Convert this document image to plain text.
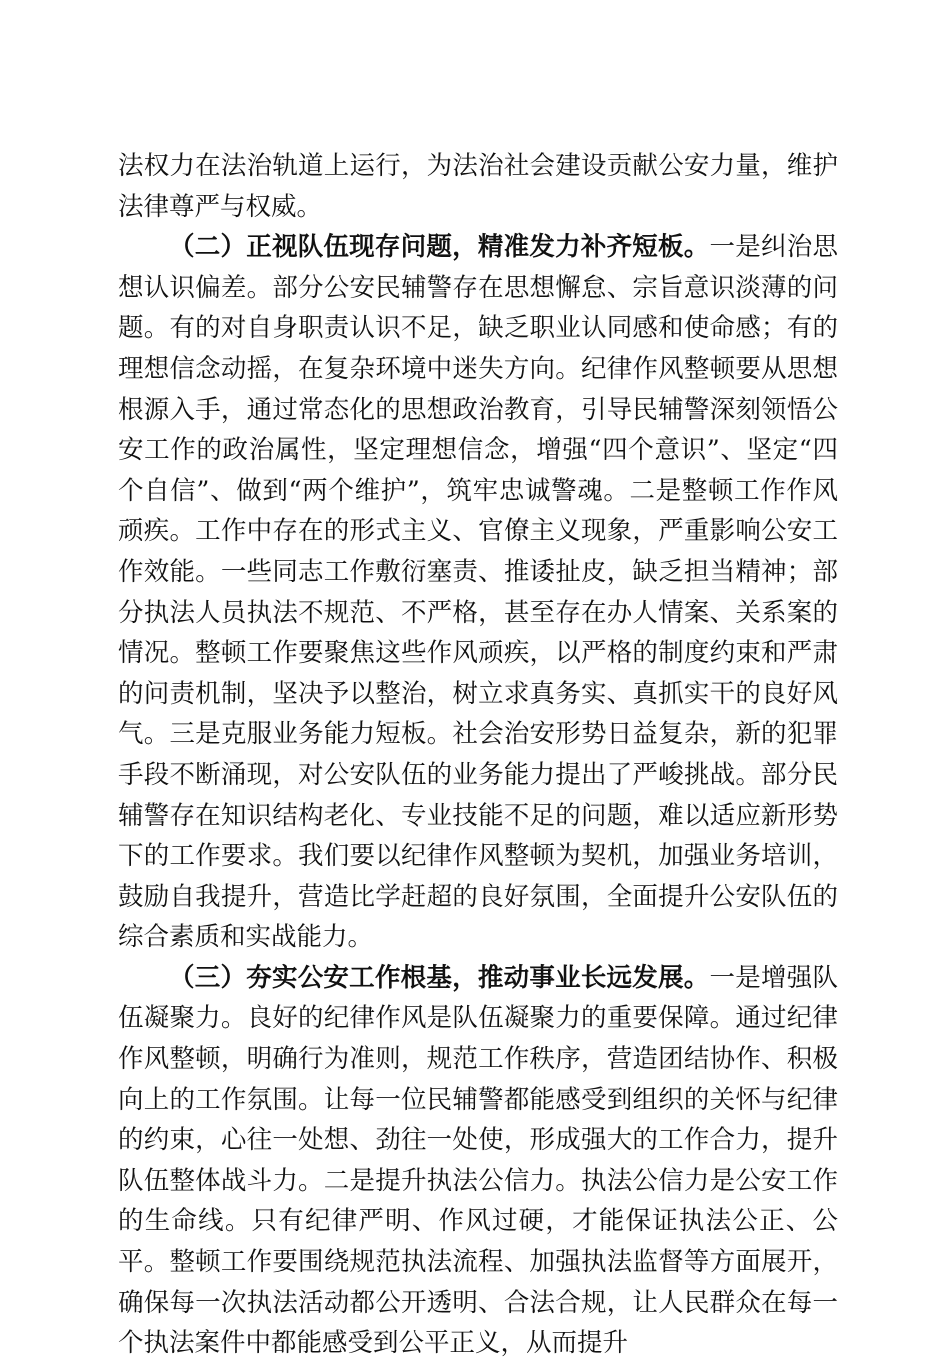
法权力在法治轨道上运行，为法治社会建设贡献公安力量，维护法律尊严与权威。

（二）正视队伍现存问题，精准发力补齐短板。一是纠治思想认识偏差。部分公安民辅警存在思想懈怠、宗旨意识淡薄的问题。有的对自身职责认识不足，缺乏职业认同感和使命感；有的理想信念动摇，在复杂环境中迷失方向。纪律作风整顿要从思想根源入手，通过常态化的思想政治教育，引导民辅警深刻领悟公安工作的政治属性，坚定理想信念，增强“四个意识”、坚定“四个自信”、做到“两个维护”，筑牢忠诚警魂。二是整顿工作作风顽疾。工作中存在的形式主义、官僚主义现象，严重影响公安工作效能。一些同志工作敷衍塞责、推诿扯皮，缺乏担当精神；部分执法人员执法不规范、不严格，甚至存在办人情案、关系案的情况。整顿工作要聚焦这些作风顽疾，以严格的制度约束和严肃的问责机制，坚决予以整治，树立求真务实、真抓实干的良好风气。三是克服业务能力短板。社会治安形势日益复杂，新的犯罪手段不断涌现，对公安队伍的业务能力提出了严峻挑战。部分民辅警存在知识结构老化、专业技能不足的问题，难以适应新形势下的工作要求。我们要以纪律作风整顿为契机，加强业务培训，鼓励自我提升，营造比学赶超的良好氛围，全面提升公安队伍的综合素质和实战能力。

（三）夯实公安工作根基，推动事业长远发展。一是增强队伍凝聚力。良好的纪律作风是队伍凝聚力的重要保障。通过纪律作风整顿，明确行为准则，规范工作秩序，营造团结协作、积极向上的工作氛围。让每一位民辅警都能感受到组织的关怀与纪律的约束，心往一处想、劲往一处使，形成强大的工作合力，提升队伍整体战斗力。二是提升执法公信力。执法公信力是公安工作的生命线。只有纪律严明、作风过硬，才能保证执法公正、公平。整顿工作要围绕规范执法流程、加强执法监督等方面展开，确保每一次执法活动都公开透明、合法合规，让人民群众在每一个执法案件中都能感受到公平正义，从而提升
